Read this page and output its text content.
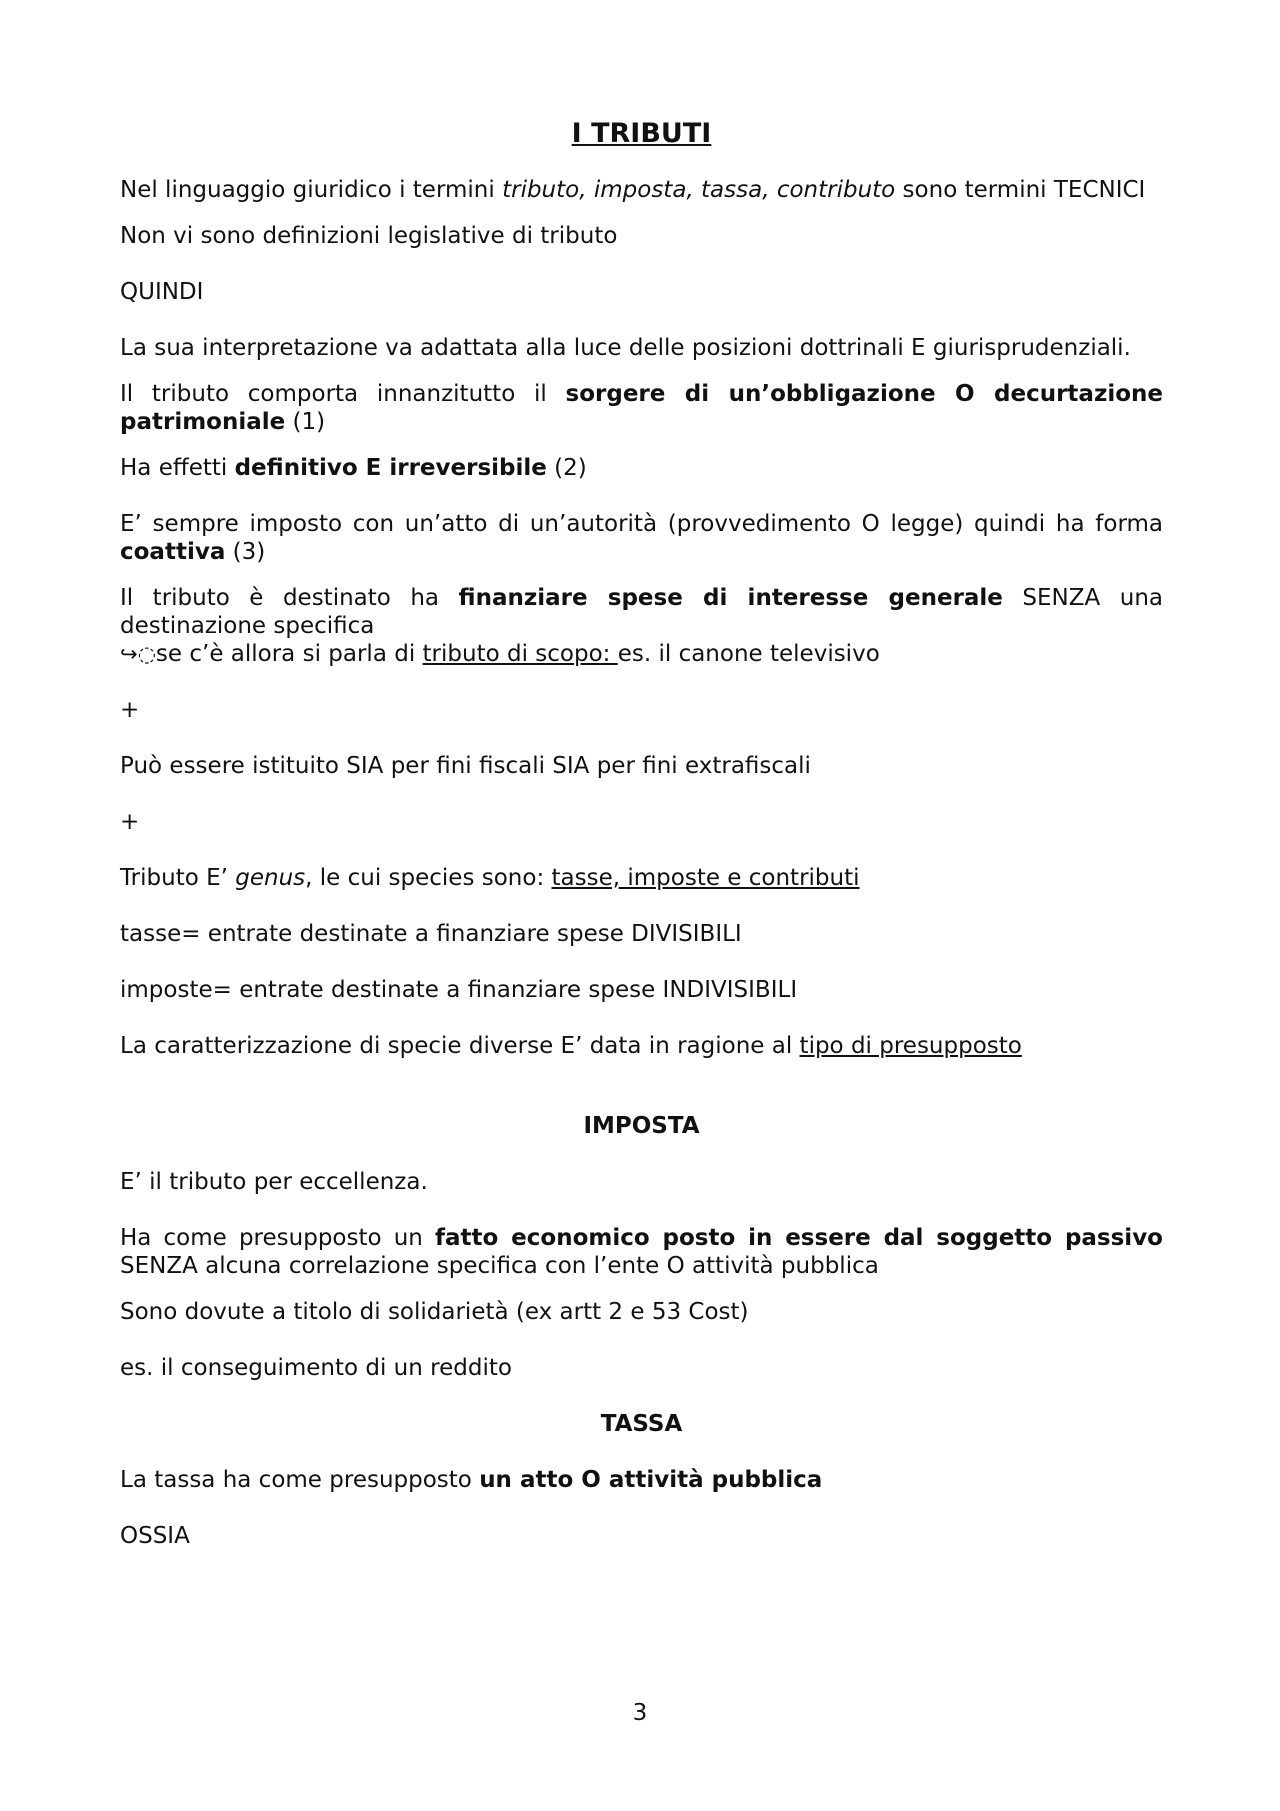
I TRIBUTI

Nel linguaggio giuridico i termini tributo, imposta, tassa, contributo sono termini TECNICI

Non vi sono definizioni legislative di tributo

QUINDI

La sua interpretazione va adattata alla luce delle posizioni dottrinali E giurisprudenziali.

Il tributo comporta innanzitutto il sorgere di un’obbligazione O decurtazione patrimoniale (1)

Ha effetti definitivo E irreversibile (2)

E’ sempre imposto con un’atto di un’autorità (provvedimento O legge) quindi ha forma coattiva (3)

Il tributo è destinato ha finanziare spese di interesse generale SENZA una destinazione specifica

↪◌se c’è allora si parla di tributo di scopo: es. il canone televisivo

+

Può essere istituito SIA per fini fiscali SIA per fini extrafiscali

+

Tributo E’ genus, le cui species sono: tasse, imposte e contributi

tasse= entrate destinate a finanziare spese DIVISIBILI

imposte= entrate destinate a finanziare spese INDIVISIBILI

La caratterizzazione di specie diverse E’ data in ragione al tipo di presupposto

IMPOSTA

E’ il tributo per eccellenza.

Ha come presupposto un fatto economico posto in essere dal soggetto passivo SENZA alcuna correlazione specifica con l’ente O attività pubblica

Sono dovute a titolo di solidarietà (ex artt 2 e 53 Cost)

es. il conseguimento di un reddito

TASSA

La tassa ha come presupposto un atto O attività pubblica

OSSIA

3
